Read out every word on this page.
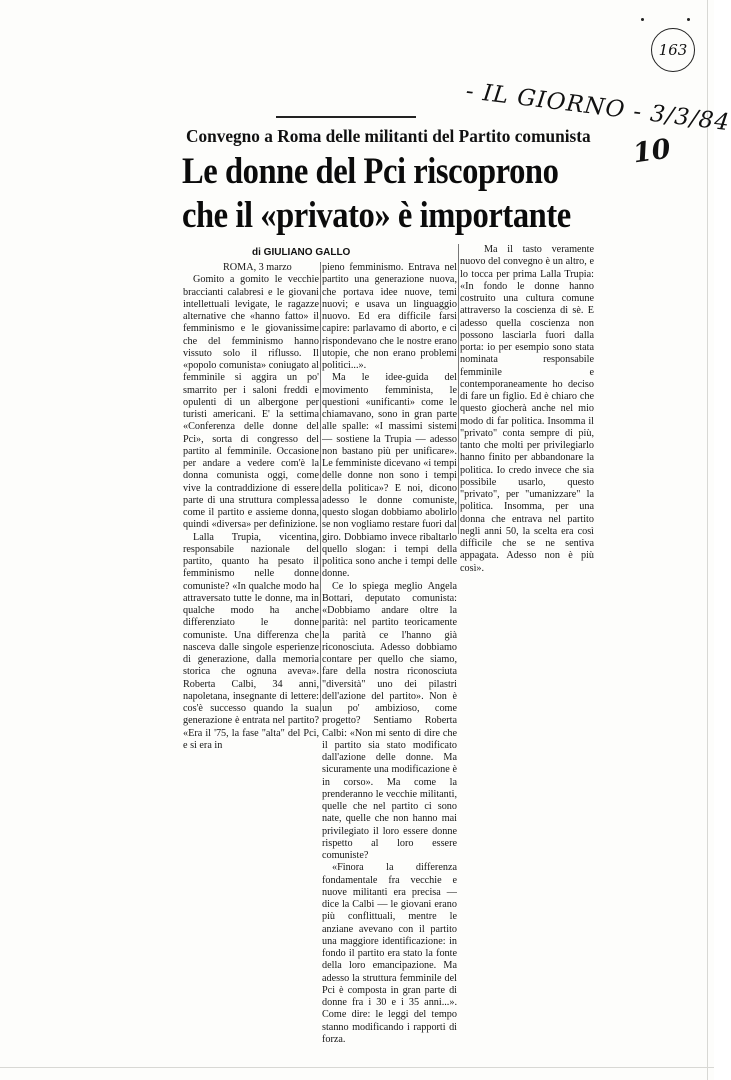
163
- IL GIORNO - 3/3/84
10
Convegno a Roma delle militanti del Partito comunista
Le donne del Pci riscoprono
che il «privato» è importante
di GIULIANO GALLO

ROMA, 3 marzo

Gomito a gomito le vecchie braccianti calabresi e le giovani intellettuali levigate, le ragazze alternative che «hanno fatto» il femminismo e le giovanissime che del femminismo hanno vissuto solo il riflusso. Il «popolo comunista» coniugato al femminile si aggira un po' smarrito per i saloni freddi e opulenti di un albergone per turisti americani. E' la settima «Conferenza delle donne del Pci», sorta di congresso del partito al femminile. Occasione per andare a vedere com'è la donna comunista oggi, come vive la contraddizione di essere parte di una struttura complessa come il partito e assieme donna, quindi «diversa» per definizione.

Lalla Trupia, vicentina, responsabile nazionale del partito, quanto ha pesato il femminismo nelle donne comuniste? «In qualche modo ha attraversato tutte le donne, ma in qualche modo ha anche differenziato le donne comuniste. Una differenza che nasceva dalle singole esperienze di generazione, dalla memoria storica che ognuna aveva». Roberta Calbi, 34 anni, napoletana, insegnante di lettere: cos'è successo quando la sua generazione è entrata nel partito? «Era il '75, la fase "alta" del Pci, e si era in

pieno femminismo. Entrava nel partito una generazione nuova, che portava idee nuove, temi nuovi; e usava un linguaggio nuovo. Ed era difficile farsi capire: parlavamo di aborto, e ci rispondevano che le nostre erano utopie, che non erano problemi politici...».

Ma le idee-guida del movimento femminista, le questioni «unificanti» come le chiamavano, sono in gran parte alle spalle: «I massimi sistemi — sostiene la Trupia — adesso non bastano più per unificare». Le femministe dicevano «i tempi delle donne non sono i tempi della politica»? E noi, dicono adesso le donne comuniste, questo slogan dobbiamo abolirlo se non vogliamo restare fuori dal giro. Dobbiamo invece ribaltarlo quello slogan: i tempi della politica sono anche i tempi delle donne.

Ce lo spiega meglio Angela Bottari, deputato comunista: «Dobbiamo andare oltre la parità: nel partito teoricamente la parità ce l'hanno già riconosciuta. Adesso dobbiamo contare per quello che siamo, fare della nostra riconosciuta "diversità" uno dei pilastri dell'azione del partito». Non è un po' ambizioso, come progetto? Sentiamo Roberta Calbi: «Non mi sento di dire che il partito sia stato modificato dall'azione delle donne. Ma sicuramente una modificazione è in corso». Ma come la prenderanno le vecchie militanti, quelle che nel partito ci sono nate, quelle che non hanno mai privilegiato il loro essere donne rispetto al loro essere comuniste?

«Finora la differenza fondamentale fra vecchie e nuove militanti era precisa — dice la Calbi — le giovani erano più conflittuali, mentre le anziane avevano con il partito una maggiore identificazione: in fondo il partito era stato la fonte della loro emancipazione. Ma adesso la struttura femminile del Pci è composta in gran parte di donne fra i 30 e i 35 anni...». Come dire: le leggi del tempo stanno modificando i rapporti di forza.

Ma il tasto veramente nuovo del convegno è un altro, e lo tocca per prima Lalla Trupia: «In fondo le donne hanno costruito una cultura comune attraverso la coscienza di sè. E adesso quella coscienza non possono lasciarla fuori dalla porta: io per esempio sono stata nominata responsabile femminile e contemporaneamente ho deciso di fare un figlio. Ed è chiaro che questo giocherà anche nel mio modo di far politica. Insomma il "privato" conta sempre di più, tanto che molti per privilegiarlo hanno finito per abbandonare la politica. Io credo invece che sia possibile usarlo, questo "privato", per "umanizzare" la politica. Insomma, per una donna che entrava nel partito negli anni 50, la scelta era così difficile che se ne sentiva appagata. Adesso non è più così».
